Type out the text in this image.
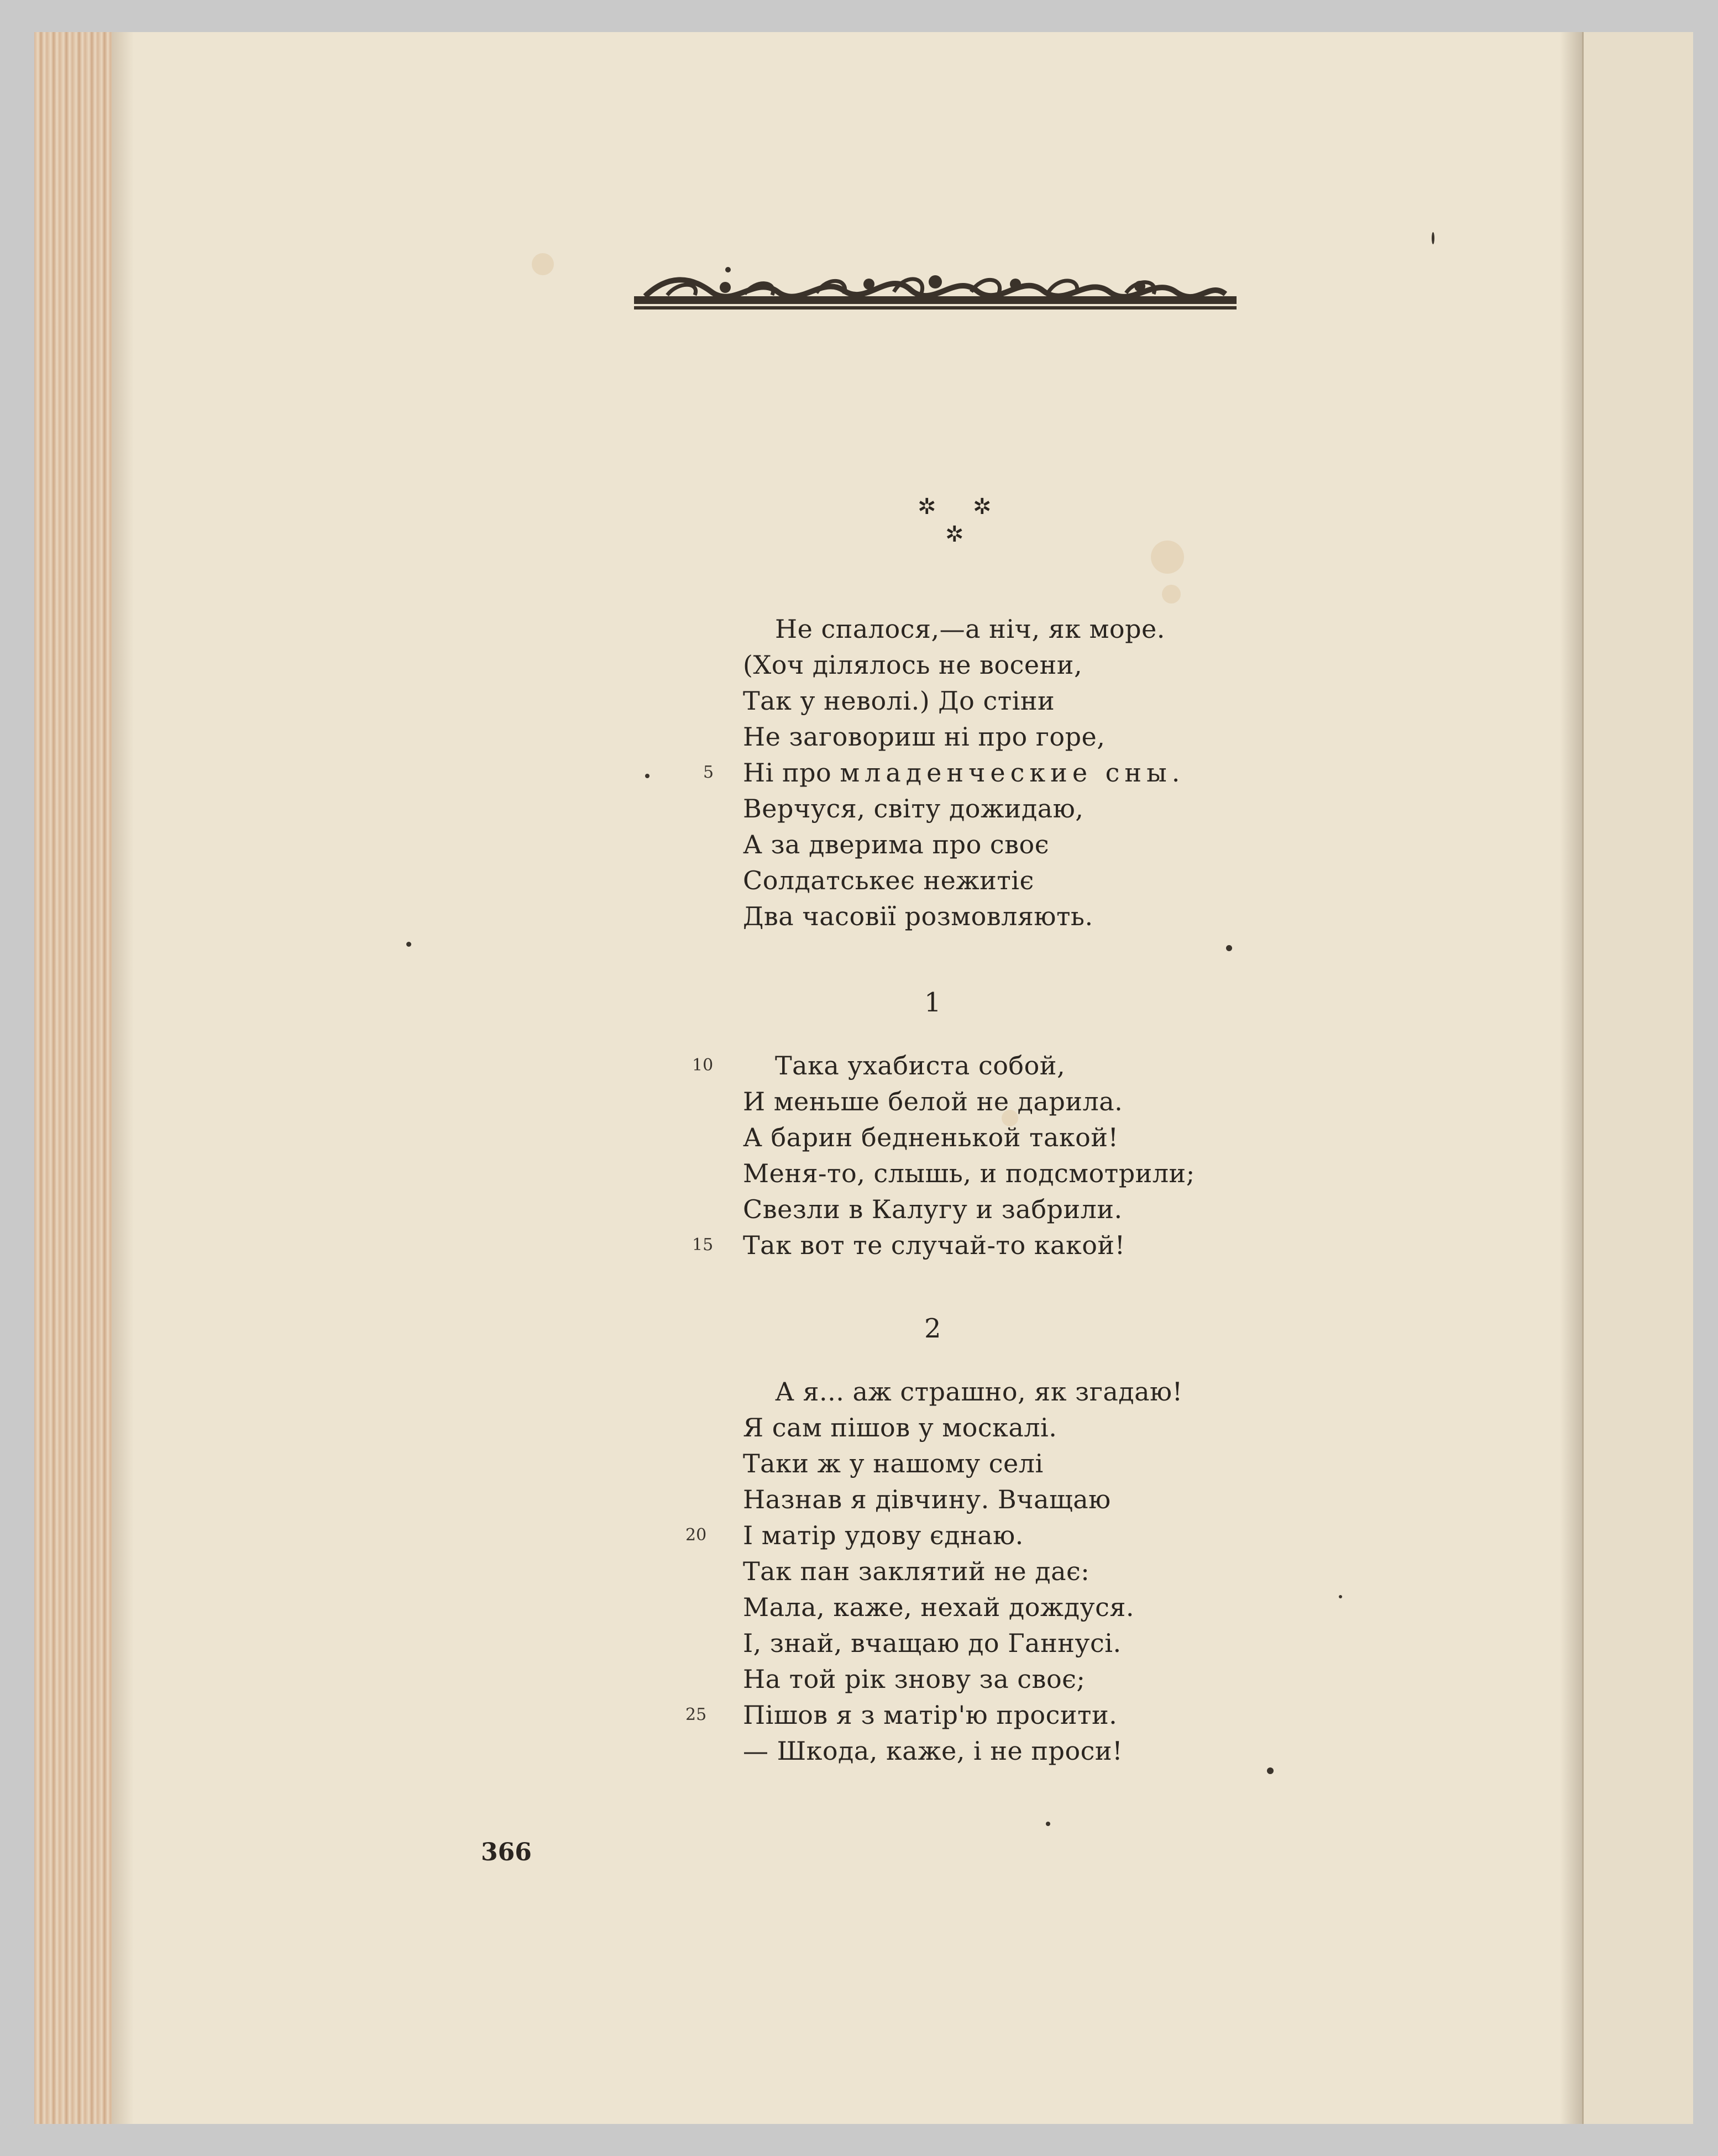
✲ ✲
✲
Не спалося,—а ніч, як море.
(Хоч ділялось не восени,
Так у неволі.) До стіни
Не заговориш ні про горе,
5 Ні про младенческие сны.
Верчуся, світу дожидаю,
А за дверима про своє
Солдатськеє нежитіє
Два часовії розмовляють.
1
10 Така ухабиста собой,
И меньше белой не дарила.
А барин бедненькой такой!
Меня-то, слышь, и подсмотрили;
Свезли в Калугу и забрили.
15 Так вот те случай-то какой!
2
А я... аж страшно, як згадаю!
Я сам пішов у москалі.
Таки ж у нашому селі
Назнав я дівчину. Вчащаю
20 І матір удову єднаю.
Так пан заклятий не дає:
Мала, каже, нехай дождуся.
І, знай, вчащаю до Ганнусі.
На той рік знову за своє;
25 Пішов я з матір'ю просити.
— Шкода, каже, і не проси!
366
